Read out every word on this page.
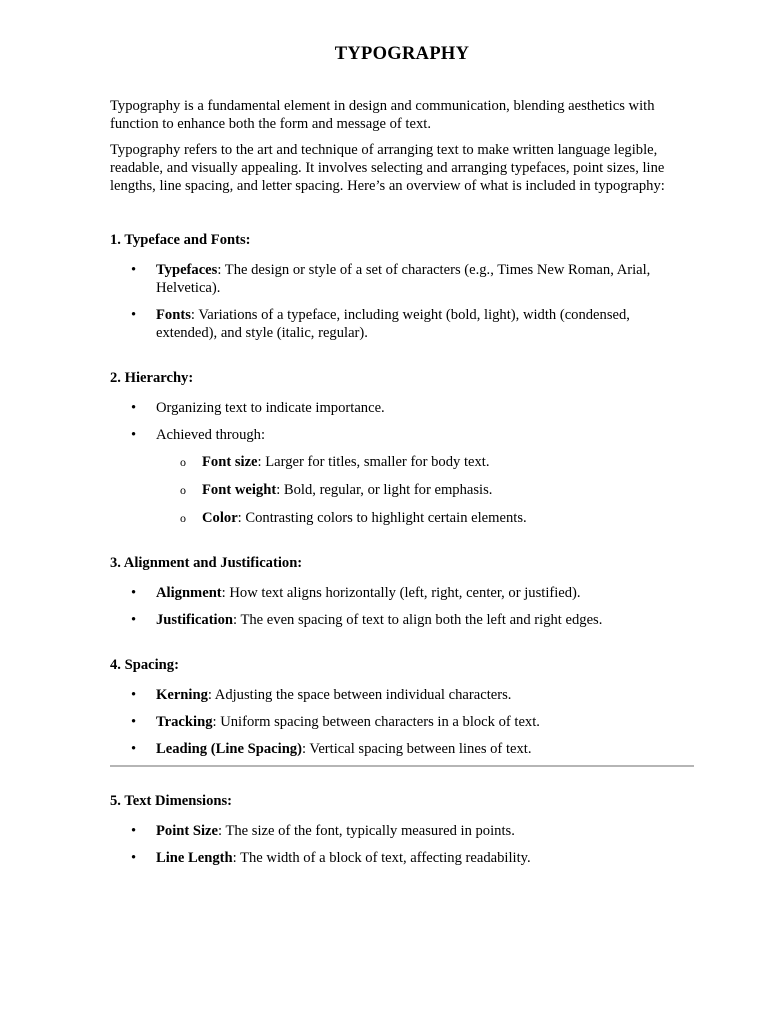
TYPOGRAPHY

Typography is a fundamental element in design and communication, blending aesthetics with function to enhance both the form and message of text.

Typography refers to the art and technique of arranging text to make written language legible, readable, and visually appealing. It involves selecting and arranging typefaces, point sizes, line lengths, line spacing, and letter spacing. Here’s an overview of what is included in typography:

1. Typeface and Fonts:
• Typefaces: The design or style of a set of characters (e.g., Times New Roman, Arial, Helvetica).
• Fonts: Variations of a typeface, including weight (bold, light), width (condensed, extended), and style (italic, regular).
2. Hierarchy:
• Organizing text to indicate importance.
• Achieved through:
o Font size: Larger for titles, smaller for body text.
o Font weight: Bold, regular, or light for emphasis.
o Color: Contrasting colors to highlight certain elements.
3. Alignment and Justification:
• Alignment: How text aligns horizontally (left, right, center, or justified).
• Justification: The even spacing of text to align both the left and right edges.
4. Spacing:
• Kerning: Adjusting the space between individual characters.
• Tracking: Uniform spacing between characters in a block of text.
• Leading (Line Spacing): Vertical spacing between lines of text.
5. Text Dimensions:
• Point Size: The size of the font, typically measured in points.
• Line Length: The width of a block of text, affecting readability.
